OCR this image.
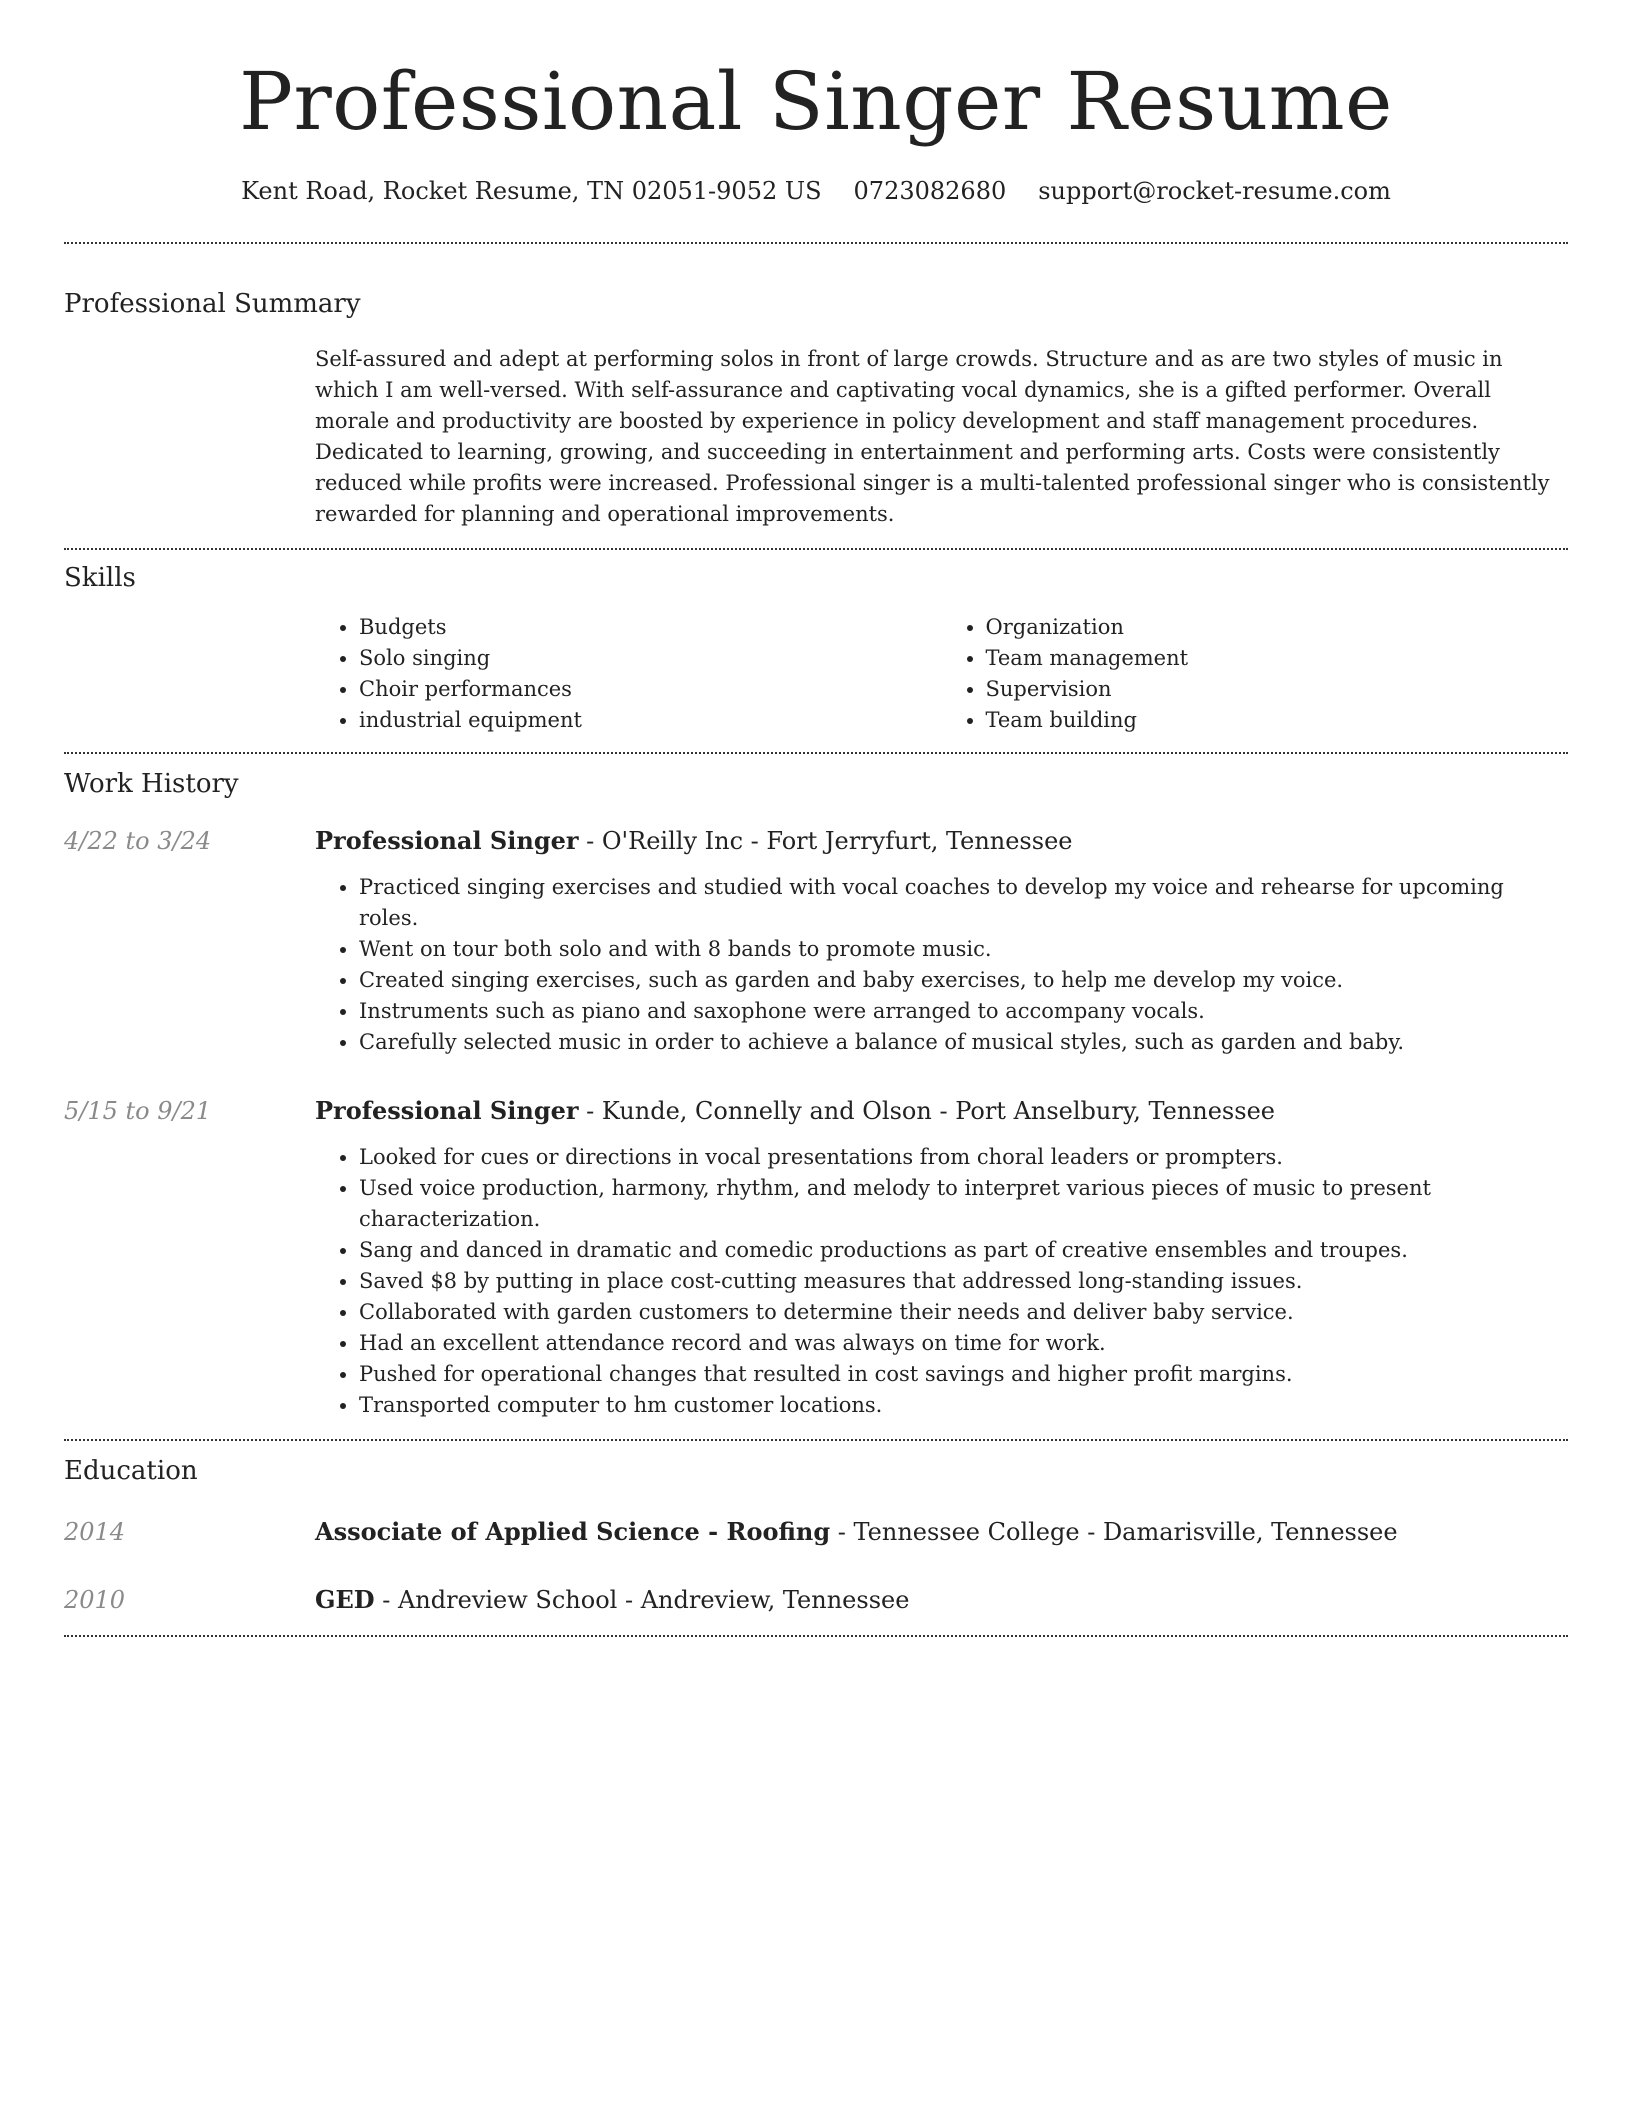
Professional Singer Resume
Kent Road, Rocket Resume, TN 02051-9052 US 0723082680 support@rocket-resume.com
Professional Summary

Self-assured and adept at performing solos in front of large crowds. Structure and as are two styles of music in which I am well-versed. With self-assurance and captivating vocal dynamics, she is a gifted performer. Overall morale and productivity are boosted by experience in policy development and staff management procedures. Dedicated to learning, growing, and succeeding in entertainment and performing arts. Costs were consistently reduced while profits were increased. Professional singer is a multi-talented professional singer who is consistently rewarded for planning and operational improvements.

Skills
• Budgets
• Solo singing
• Choir performances
• industrial equipment
• Organization
• Team management
• Supervision
• Team building
Work History
4/22 to 3/24	Professional Singer - O'Reilly Inc - Fort Jerryfurt, Tennessee
• Practiced singing exercises and studied with vocal coaches to develop my voice and rehearse for upcoming roles.
• Went on tour both solo and with 8 bands to promote music.
• Created singing exercises, such as garden and baby exercises, to help me develop my voice.
• Instruments such as piano and saxophone were arranged to accompany vocals.
• Carefully selected music in order to achieve a balance of musical styles, such as garden and baby.
5/15 to 9/21	Professional Singer - Kunde, Connelly and Olson - Port Anselbury, Tennessee
• Looked for cues or directions in vocal presentations from choral leaders or prompters.
• Used voice production, harmony, rhythm, and melody to interpret various pieces of music to present characterization.
• Sang and danced in dramatic and comedic productions as part of creative ensembles and troupes.
• Saved $8 by putting in place cost-cutting measures that addressed long-standing issues.
• Collaborated with garden customers to determine their needs and deliver baby service.
• Had an excellent attendance record and was always on time for work.
• Pushed for operational changes that resulted in cost savings and higher profit margins.
• Transported computer to hm customer locations.
Education
2014	Associate of Applied Science - Roofing - Tennessee College - Damarisville, Tennessee
2010	GED - Andreview School - Andreview, Tennessee
